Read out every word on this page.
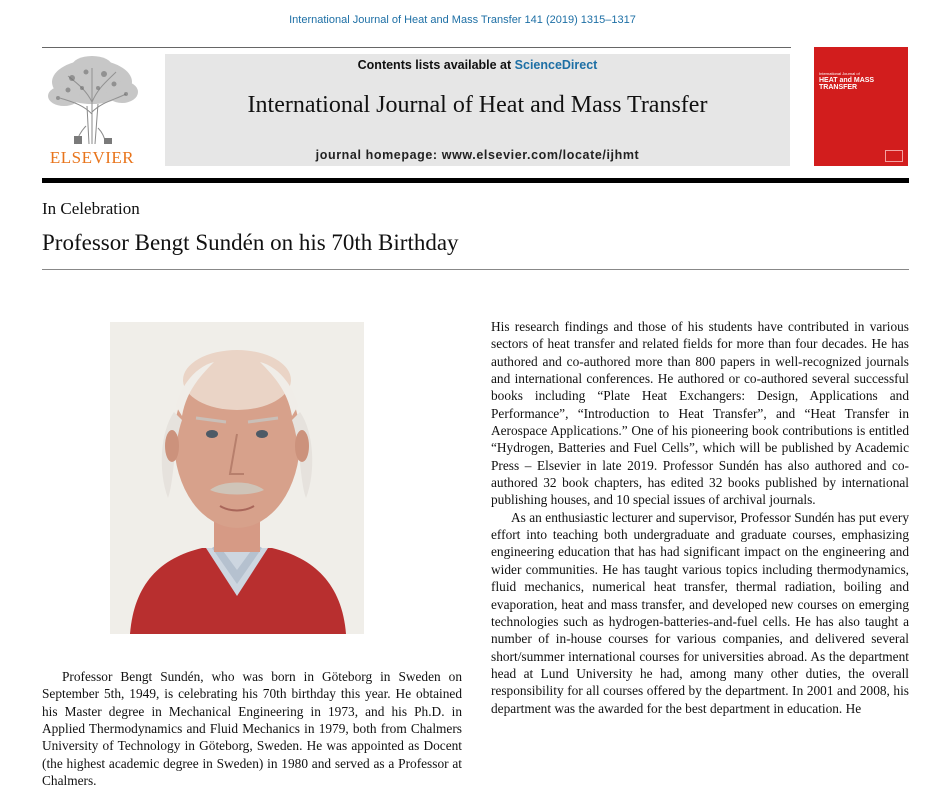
International Journal of Heat and Mass Transfer 141 (2019) 1315–1317
ELSEVIER
Contents lists available at ScienceDirect
International Journal of Heat and Mass Transfer
journal homepage: www.elsevier.com/locate/ijhmt
International Journal of
HEAT and MASS
TRANSFER
In Celebration
Professor Bengt Sundén on his 70th Birthday

His research findings and those of his students have contributed in various sectors of heat transfer and related fields for more than four decades. He has authored and co-authored more than 800 papers in well-recognized journals and international conferences. He authored or co-authored several successful books including “Plate Heat Exchangers: Design, Applications and Performance”, “Introduction to Heat Transfer”, and “Heat Transfer in Aerospace Applications.” One of his pioneering book contributions is entitled “Hydrogen, Batteries and Fuel Cells”, which will be published by Academic Press – Elsevier in late 2019. Professor Sundén has also authored and co-authored 32 book chapters, has edited 32 books published by international publishing houses, and 10 special issues of archival journals.

As an enthusiastic lecturer and supervisor, Professor Sundén has put every effort into teaching both undergraduate and graduate courses, emphasizing engineering education that has had significant impact on the engineering and wider communities. He has taught various topics including thermodynamics, fluid mechanics, numerical heat transfer, thermal radiation, boiling and evaporation, heat and mass transfer, and developed new courses on emerging technologies such as hydrogen-batteries-and-fuel cells. He has also taught a number of in-house courses for various companies, and delivered several short/summer international courses for universities abroad. As the department head at Lund University he had, among many other duties, the overall responsibility for all courses offered by the department. In 2001 and 2008, his department was the awarded for the best department in education. He

Professor Bengt Sundén, who was born in Göteborg in Sweden on September 5th, 1949, is celebrating his 70th birthday this year. He obtained his Master degree in Mechanical Engineering in 1973, and his Ph.D. in Applied Thermodynamics and Fluid Mechanics in 1979, both from Chalmers University of Technology in Göteborg, Sweden. He was appointed as Docent (the highest academic degree in Sweden) in 1980 and served as a Professor at Chalmers.
